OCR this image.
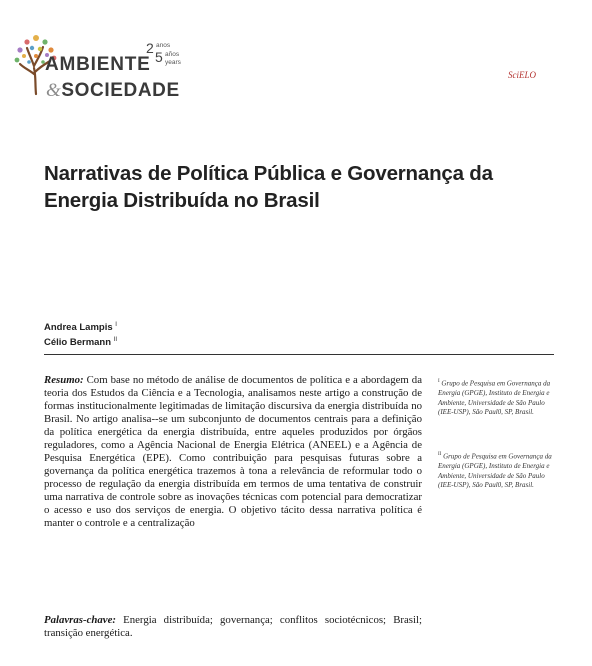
AMBIENTE
&SOCIEDADE
2
5
anos
años
years
SciELO
Narrativas de Política Pública e Governança da Energia Distribuída no Brasil
Andrea Lampis $^I$
Célio Bermann $^{II}$
Resumo: Com base no método de análise de documentos de política e a abordagem da teoria dos Estudos da Ciência e a Tecnologia, analisamos neste artigo a construção de formas institucionalmente legitimadas de limitação discursiva da energia distribuída no Brasil. No artigo analisa--se um subconjunto de documentos centrais para a definição da política energética da energia distribuída, entre aqueles produzidos por órgãos reguladores, como a Agência Nacional de Energia Elétrica (ANEEL) e a Agência de Pesquisa Energética (EPE). Como contribuição para pesquisas futuras sobre a governança da política energética trazemos à tona a relevância de reformular todo o processo de regulação da energia distribuída em termos de uma tentativa de construir uma narrativa de controle sobre as inovações técnicas com potencial para democratizar o acesso e uso dos serviços de energia. O objetivo tácito dessa narrativa política é manter o controle e a centralização
Palavras-chave: Energia distribuída; governança; conflitos sociotécnicos; Brasil; transição energética.
$^I$ Grupo de Pesquisa em Governança da Energia (GPGE), Instituto de Energia e Ambiente, Universidade de São Paulo (IEE-USP), São Paul0, SP, Brasil.
$^{II}$ Grupo de Pesquisa em Governança da Energia (GPGE), Instituto de Energia e Ambiente, Universidade de São Paulo (IEE-USP), São Paul0, SP, Brasil.
